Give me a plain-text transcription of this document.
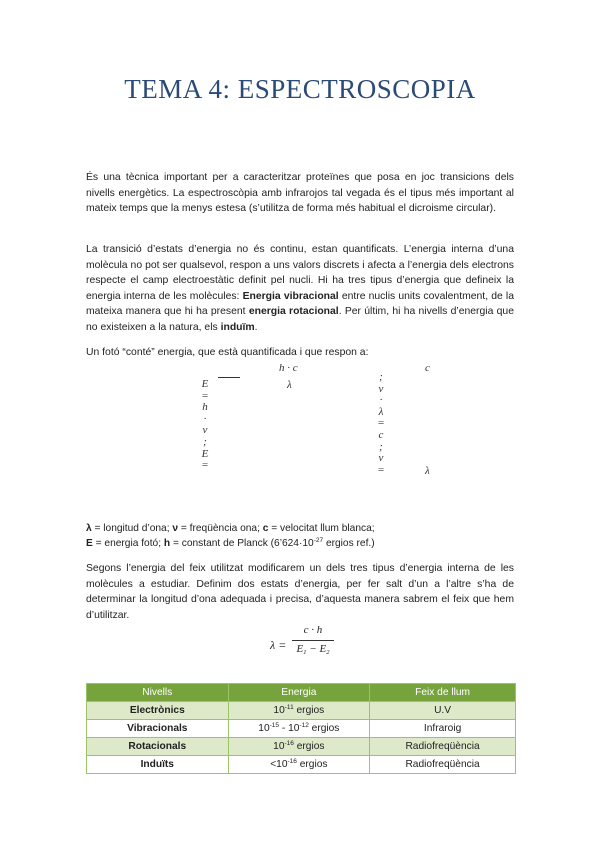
TEMA 4: ESPECTROSCOPIA

És una tècnica important per a caracteritzar proteïnes que posa en joc transicions dels nivells energètics. La espectroscòpia amb infrarojos tal vegada és el tipus més important al mateix temps que la menys estesa (s’utilitza de forma més habitual el dicroisme circular).

La transició d’estats d’energia no és continu, estan quantificats. L’energia interna d’una molècula no pot ser qualsevol, respon a uns valors discrets i afecta a l’energia dels electrons respecte el camp electroestàtic definit pel nucli. Hi ha tres tipus d’energia que defineix la energia interna de les molècules: Energia vibracional entre nuclis units covalentment, de la mateixa manera que hi ha present energia rotacional. Per últim, hi ha nivells d’energia que no existeixen a la natura, els induïm.

Un fotó “conté” energia, que està quantificada i que respon a:

E
=
h
·
ν
;
E
=
h · c
λ
;
ν
·
λ
=
c
;
ν
=
c
λ

λ = longitud d’ona; ν = freqüència ona; c = velocitat llum blanca;

E = energia fotó; h = constant de Planck ($6’624\cdot 10^{-27}$ ergios ref.)

Segons l’energia del feix utilitzat modificarem un dels tres tipus d’energia interna de les molècules a estudiar. Definim dos estats d’energia, per fer salt d’un a l’altre s’ha de determinar la longitud d’ona adequada i precisa, d’aquesta manera sabrem el feix que hem d’utilitzar.

λ =
c · h
$E_1 - E_2$
Nivells	Energia	Feix de llum
Electrònics	$10^{-11}$ ergios	U.V
Vibracionals	$10^{-15} - 10^{-12}$ ergios	Infraroig
Rotacionals	$10^{-16}$ ergios	Radiofreqüència
Induïts	$<10^{-16}$ ergios	Radiofreqüència
